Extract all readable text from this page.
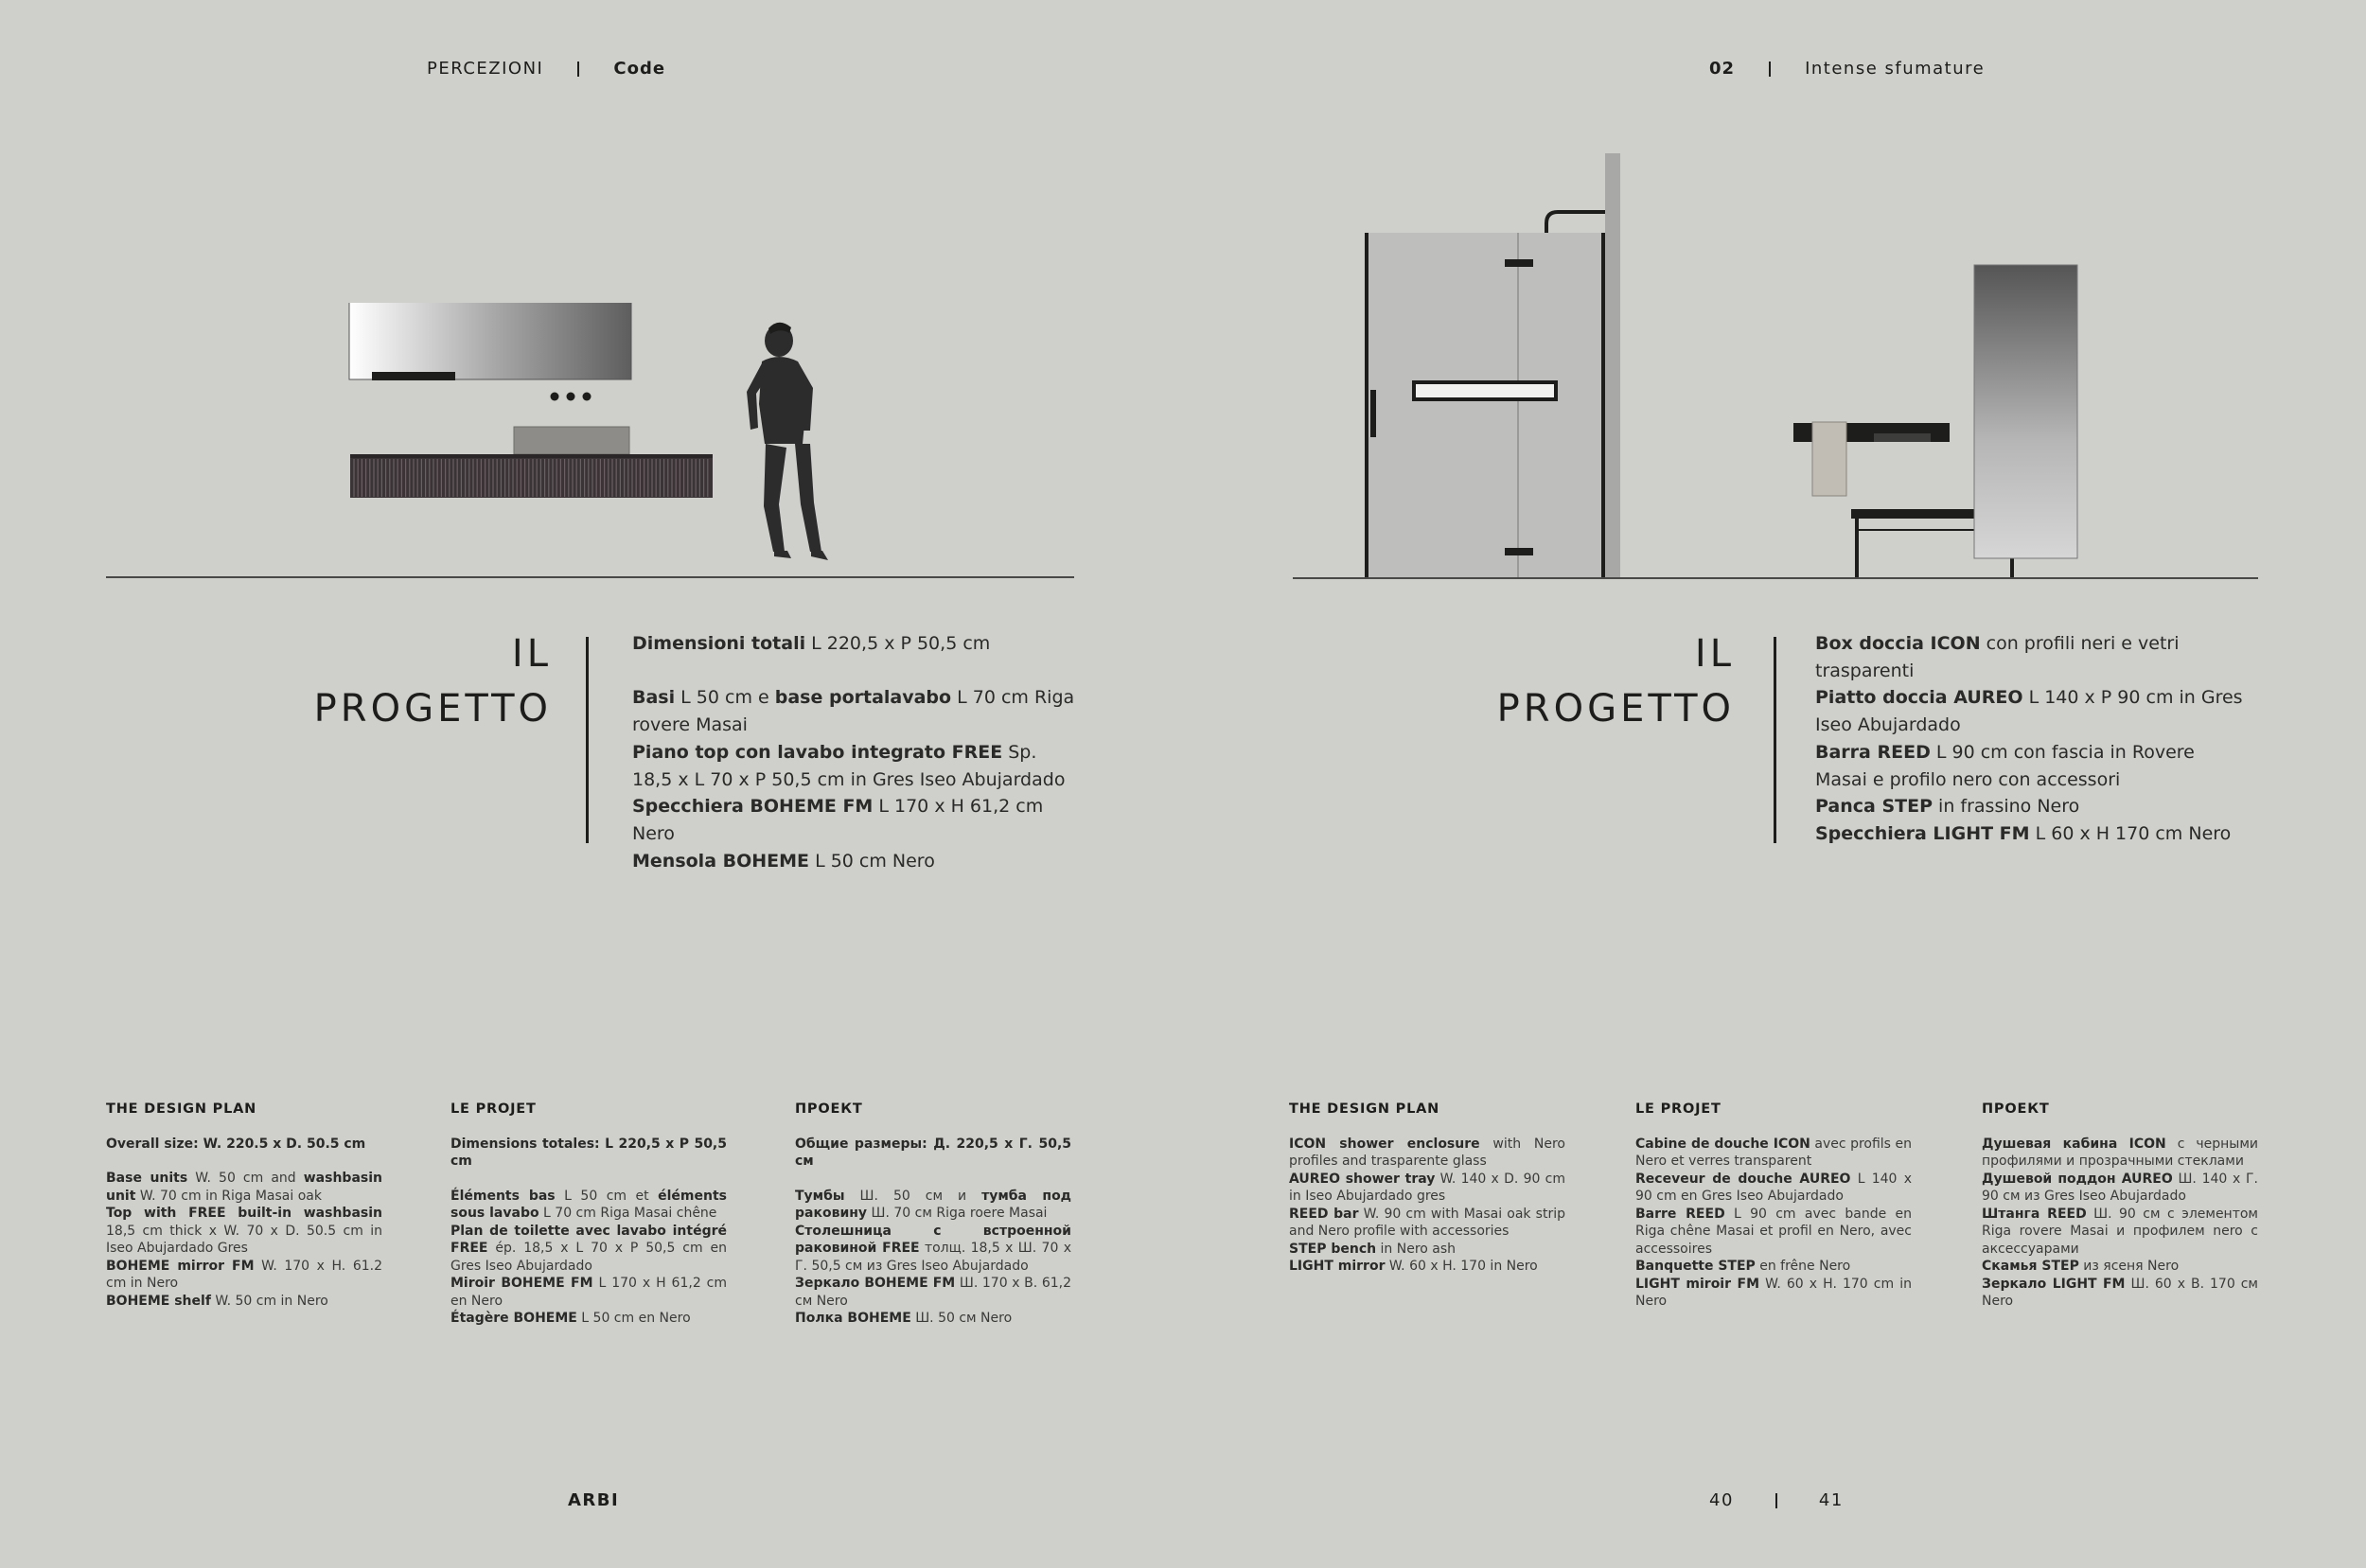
PERCEZIONI	Code	02	Intense sfumature
IL
PROGETTO

Dimensioni totali L 220,5 x P 50,5 cm

Basi L 50 cm e base portalavabo L 70 cm Riga rovere Masai

Piano top con lavabo integrato FREE Sp. 18,5 x L 70 x P 50,5 cm in Gres Iseo Abujardado

Specchiera BOHEME FM L 170 x H 61,2 cm Nero

Mensola BOHEME L 50 cm Nero

IL
PROGETTO

Box doccia ICON con profili neri e vetri trasparenti

Piatto doccia AUREO L 140 x P 90 cm in Gres Iseo Abujardado

Barra REED L 90 cm con fascia in Rovere Masai e profilo nero con accessori

Panca STEP in frassino Nero

Specchiera LIGHT FM L 60 x H 170 cm Nero

THE DESIGN PLAN

Overall size: W. 220.5 x D. 50.5 cm

Base units W. 50 cm and washbasin unit W. 70 cm in Riga Masai oak

Top with FREE built-in washbasin 18,5 cm thick x W. 70 x D. 50.5 cm in Iseo Abujardado Gres

BOHEME mirror FM W. 170 x H. 61.2 cm in Nero

BOHEME shelf W. 50 cm in Nero

LE PROJET

Dimensions totales: L 220,5 x P 50,5 cm

Éléments bas L 50 cm et éléments sous lavabo L 70 cm Riga Masai chêne

Plan de toilette avec lavabo intégré FREE ép. 18,5 x L 70 x P 50,5 cm en Gres Iseo Abujardado

Miroir BOHEME FM L 170 x H 61,2 cm en Nero

Étagère BOHEME L 50 cm en Nero

ПРОЕКТ

Общие размеры: Д. 220,5 x Г. 50,5 см

Тумбы Ш. 50 см и тумба под раковину Ш. 70 см Riga roere Masai

Столешница с встроенной раковиной FREE толщ. 18,5 x Ш. 70 x Г. 50,5 см из Gres Iseo Abujardado

Зеркало BOHEME FM Ш. 170 x В. 61,2 см Nero

Полка BOHEME Ш. 50 см Nero

THE DESIGN PLAN

ICON shower enclosure with Nero profiles and trasparente glass

AUREO shower tray W. 140 x D. 90 cm in Iseo Abujardado gres

REED bar W. 90 cm with Masai oak strip and Nero profile with accessories

STEP bench in Nero ash

LIGHT mirror W. 60 x H. 170 in Nero

LE PROJET

Cabine de douche ICON avec profils en Nero et verres transparent

Receveur de douche AUREO L 140 x 90 cm en Gres Iseo Abujardado

Barre REED L 90 cm avec bande en Riga chêne Masai et profil en Nero, avec accessoires

Banquette STEP en frêne Nero

LIGHT miroir FM W. 60 x H. 170 cm in Nero

ПРОЕКТ

Душевая кабина ICON с черными профилями и прозрачными стеклами

Душевой поддон AUREO Ш. 140 x Г. 90 см из Gres Iseo Abujardado

Штанга REED Ш. 90 см с элементом Riga rovere Masai и профилем nero с аксессуарами

Скамья STEP из ясеня Nero

Зеркало LIGHT FM Ш. 60 x В. 170 см Nero

ARBI	40	41
